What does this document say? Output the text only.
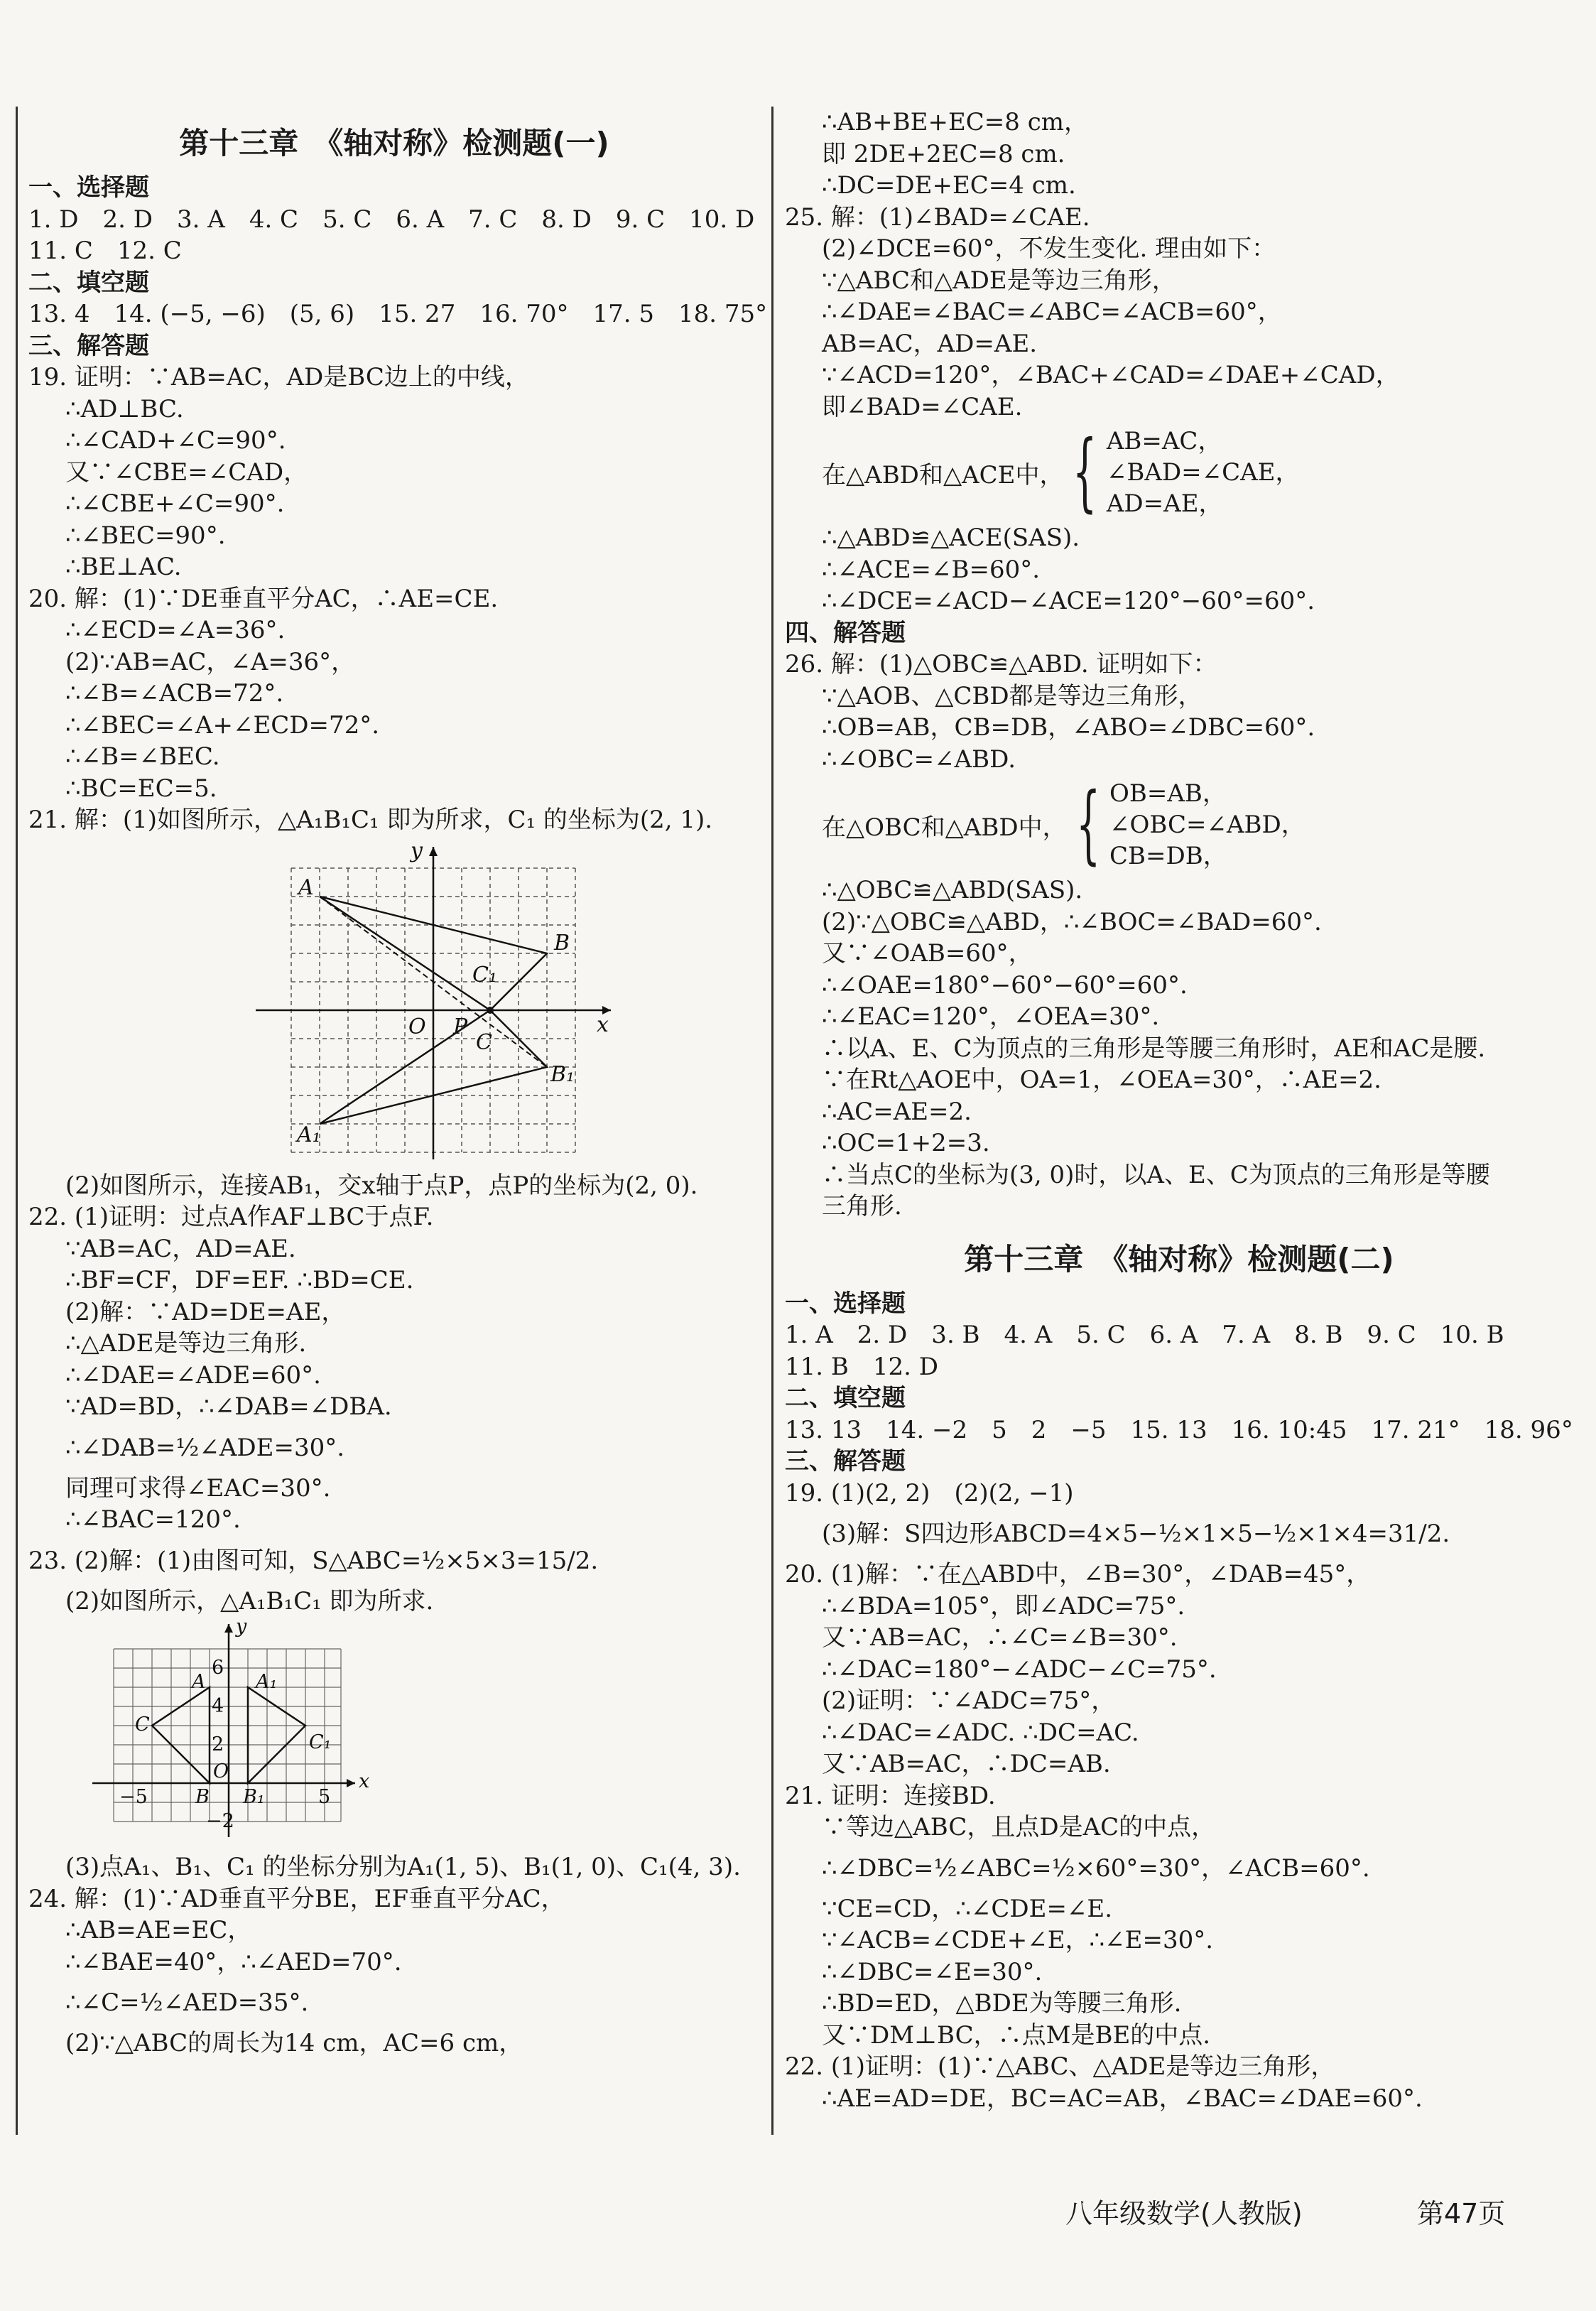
第十三章　《轴对称》检测题(一)
一、选择题
1. D　2. D　3. A　4. C　5. C　6. A　7. C　8. D　9. C　10. D
11. C　12. C
二、填空题
13. 4　14. (−5, −6)　(5, 6)　15. 27　16. 70°　17. 5　18. 75°
三、解答题
19. 证明：∵AB=AC，AD是BC边上的中线，
∴AD⊥BC.
∴∠CAD+∠C=90°.
又∵∠CBE=∠CAD，
∴∠CBE+∠C=90°.
∴∠BEC=90°.
∴BE⊥AC.
20. 解：(1)∵DE垂直平分AC，∴AE=CE.
∴∠ECD=∠A=36°.
(2)∵AB=AC，∠A=36°，
∴∠B=∠ACB=72°.
∴∠BEC=∠A+∠ECD=72°.
∴∠B=∠BEC.
∴BC=EC=5.
21. 解：(1)如图所示，△A₁B₁C₁ 即为所求，C₁ 的坐标为(2, 1).
A
B
C₁
O P
C
B₁
A₁
x
y
(2)如图所示，连接AB₁，交x轴于点P，点P的坐标为(2, 0).
22. (1)证明：过点A作AF⊥BC于点F.
∵AB=AC，AD=AE.
∴BF=CF，DF=EF. ∴BD=CE.
(2)解：∵AD=DE=AE，
∴△ADE是等边三角形.
∴∠DAE=∠ADE=60°.
∵AD=BD，∴∠DAB=∠DBA.
∴∠DAB=½∠ADE=30°.
同理可求得∠EAC=30°.
∴∠BAC=120°.
23. (2)解：(1)由图可知，S△ABC=½×5×3=15/2.
(2)如图所示，△A₁B₁C₁ 即为所求.
y
6
A	A₁
4
C
C₁
2
O
−5 B B₁	5
x
−2
(3)点A₁、B₁、C₁ 的坐标分别为A₁(1, 5)、B₁(1, 0)、C₁(4, 3).
24. 解：(1)∵AD垂直平分BE，EF垂直平分AC，
∴AB=AE=EC，
∴∠BAE=40°，∴∠AED=70°.
∴∠C=½∠AED=35°.
(2)∵△ABC的周长为14 cm，AC=6 cm，
∴AB+BE+EC=8 cm，
即 2DE+2EC=8 cm.
∴DC=DE+EC=4 cm.
25. 解：(1)∠BAD=∠CAE.
(2)∠DCE=60°，不发生变化. 理由如下：
∵△ABC和△ADE是等边三角形，
∴∠DAE=∠BAC=∠ABC=∠ACB=60°，
AB=AC，AD=AE.
∵∠ACD=120°，∠BAC+∠CAD=∠DAE+∠CAD，
即∠BAD=∠CAE.
在△ABD和△ACE中， { AB=AC，
∠BAD=∠CAE，
AD=AE，
∴△ABD≌△ACE(SAS).
∴∠ACE=∠B=60°.
∴∠DCE=∠ACD−∠ACE=120°−60°=60°.
四、解答题
26. 解：(1)△OBC≌△ABD. 证明如下：
∵△AOB、△CBD都是等边三角形，
∴OB=AB，CB=DB，∠ABO=∠DBC=60°.
∴∠OBC=∠ABD.
在△OBC和△ABD中， { OB=AB，
∠OBC=∠ABD，
CB=DB，
∴△OBC≌△ABD(SAS).
(2)∵△OBC≌△ABD，∴∠BOC=∠BAD=60°.
又∵∠OAB=60°，
∴∠OAE=180°−60°−60°=60°.
∴∠EAC=120°，∠OEA=30°.
∴以A、E、C为顶点的三角形是等腰三角形时，AE和AC是腰.
∵在Rt△AOE中，OA=1，∠OEA=30°，∴AE=2.
∴AC=AE=2.
∴OC=1+2=3.
∴当点C的坐标为(3, 0)时，以A、E、C为顶点的三角形是等腰
三角形.
第十三章　《轴对称》检测题(二)
一、选择题
1. A　2. D　3. B　4. A　5. C　6. A　7. A　8. B　9. C　10. B
11. B　12. D
二、填空题
13. 13　14. −2　5　2　−5　15. 13　16. 10:45　17. 21°　18. 96°
三、解答题
19. (1)(2, 2)　(2)(2, −1)
(3)解：S四边形ABCD=4×5−½×1×5−½×1×4=31/2.
20. (1)解：∵在△ABD中，∠B=30°，∠DAB=45°，
∴∠BDA=105°，即∠ADC=75°.
又∵AB=AC，∴∠C=∠B=30°.
∴∠DAC=180°−∠ADC−∠C=75°.
(2)证明：∵∠ADC=75°，
∴∠DAC=∠ADC. ∴DC=AC.
又∵AB=AC，∴DC=AB.
21. 证明：连接BD.
∵等边△ABC，且点D是AC的中点，
∴∠DBC=½∠ABC=½×60°=30°，∠ACB=60°.
∵CE=CD，∴∠CDE=∠E.
∵∠ACB=∠CDE+∠E，∴∠E=30°.
∴∠DBC=∠E=30°.
∴BD=ED，△BDE为等腰三角形.
又∵DM⊥BC，∴点M是BE的中点.
22. (1)证明：(1)∵△ABC、△ADE是等边三角形，
∴AE=AD=DE，BC=AC=AB，∠BAC=∠DAE=60°.
八年级数学(人教版)	第47页
